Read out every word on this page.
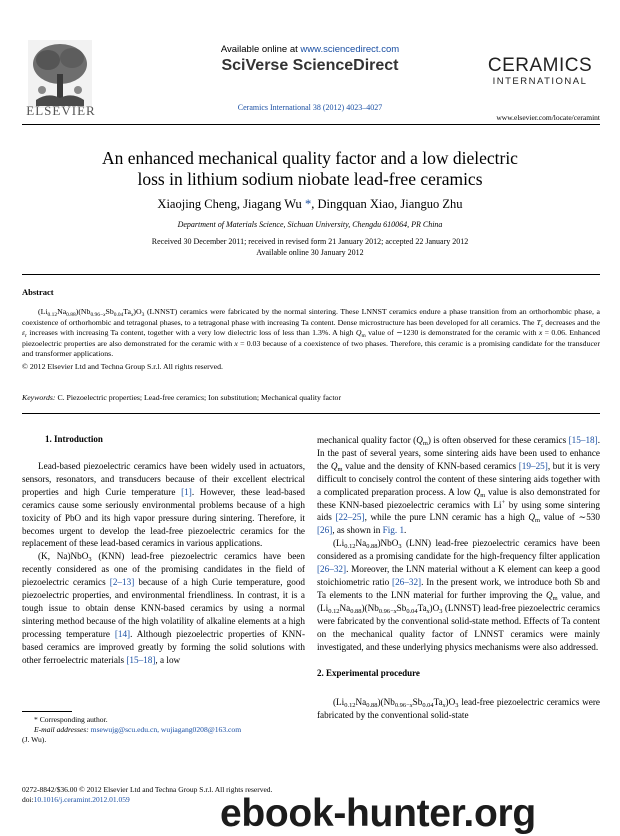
ELSEVIER
Available online at www.sciencedirect.com
SciVerse ScienceDirect
Ceramics International 38 (2012) 4023–4027
CERAMICS
INTERNATIONAL
www.elsevier.com/locate/ceramint
An enhanced mechanical quality factor and a low dielectric
loss in lithium sodium niobate lead-free ceramics
Xiaojing Cheng, Jiagang Wu *, Dingquan Xiao, Jianguo Zhu
Department of Materials Science, Sichuan University, Chengdu 610064, PR China
Received 30 December 2011; received in revised form 21 January 2012; accepted 22 January 2012
Available online 30 January 2012
Abstract

$(Li_{0.12}Na_{0.88})(Nb_{0.96-x}Sb_{0.04}Ta_x)O_3$ (LNNST) ceramics were fabricated by the normal sintering. These LNNST ceramics endure a phase transition from an orthorhombic phase, a coexistence of orthorhombic and tetragonal phases, to a tetragonal phase with increasing Ta content. Dense microstructure has been developed for all ceramics. The $T_c$ decreases and the $\varepsilon_r$ increases with increasing Ta content, together with a very low dielectric loss of less than 1.3%. A high $Q_m$ value of ∼1230 is demonstrated for the ceramic with x = 0.06. Enhanced piezoelectric properties are also demonstrated for the ceramic with x = 0.03 because of a coexistence of two phases. Therefore, this ceramic is a promising candidate for the transducer and transformer applications.

© 2012 Elsevier Ltd and Techna Group S.r.l. All rights reserved.
Keywords: C. Piezoelectric properties; Lead-free ceramics; Ion substitution; Mechanical quality factor
1. Introduction

Lead-based piezoelectric ceramics have been widely used in actuators, sensors, resonators, and transducers because of their excellent electrical properties and high Curie temperature [1]. However, these lead-based ceramics cause some seriously environmental problems because of a high toxicity of PbO and its high vapor pressure during sintering. Therefore, it becomes urgent to develop the lead-free piezoelectric ceramics for the replacement of these lead-based ceramics in various applications.

(K, Na)NbO$_3$ (KNN) lead-free piezoelectric ceramics have been recently considered as one of the promising candidates in the field of piezoelectric ceramics [2–13] because of a high Curie temperature, good piezoelectric properties, and environmental friendliness. In contrast, it is a tough issue to obtain dense KNN-based ceramics by using a normal sintering method because of the high volatility of alkaline elements at a high processing temperature [14]. Although piezoelectric properties of KNN-based ceramics are improved greatly by forming the solid solutions with other ferroelectric materials [15–18], a low

* Corresponding author.
E-mail addresses: msewujg@scu.edu.cn, wujiagang0208@163.com
(J. Wu).

mechanical quality factor $(Q_m)$ is often observed for these ceramics [15–18]. In the past of several years, some sintering aids have been used to enhance the $Q_m$ value and the density of KNN-based ceramics [19–25], but it is very difficult to concisely control the content of these sintering aids together with a complicated preparation process. A low $Q_m$ value is also demonstrated for these KNN-based piezoelectric ceramics with Li+ by using some sintering aids [22–25], while the pure LNN ceramic has a high $Q_m$ value of ∼530 [26], as shown in Fig. 1.

$(Li_{0.12}Na_{0.88})NbO_3$ (LNN) lead-free piezoelectric ceramics have been considered as a promising candidate for the high-frequency filter application [26–32]. Moreover, the LNN material without a K element can keep a good stoichiometric ratio [26–32]. In the present work, we introduce both Sb and Ta elements to the LNN material for further improving the $Q_m$ value, and $(Li_{0.12}Na_{0.88})(Nb_{0.96-x}Sb_{0.04}Ta_x)O_3$ (LNNST) lead-free piezoelectric ceramics were fabricated by the conventional solid-state method. Effects of Ta content on the mechanical quality factor of LNNST ceramics were mainly investigated, and these underlying physics mechanisms were also addressed.

2. Experimental procedure

$(Li_{0.12}Na_{0.88})(Nb_{0.96-x}Sb_{0.04}Ta_x)O_3$ lead-free piezoelectric ceramics were fabricated by the conventional solid-state

0272-8842/$36.00 © 2012 Elsevier Ltd and Techna Group S.r.l. All rights reserved.
doi:10.1016/j.ceramint.2012.01.059	ebook-hunter.org
